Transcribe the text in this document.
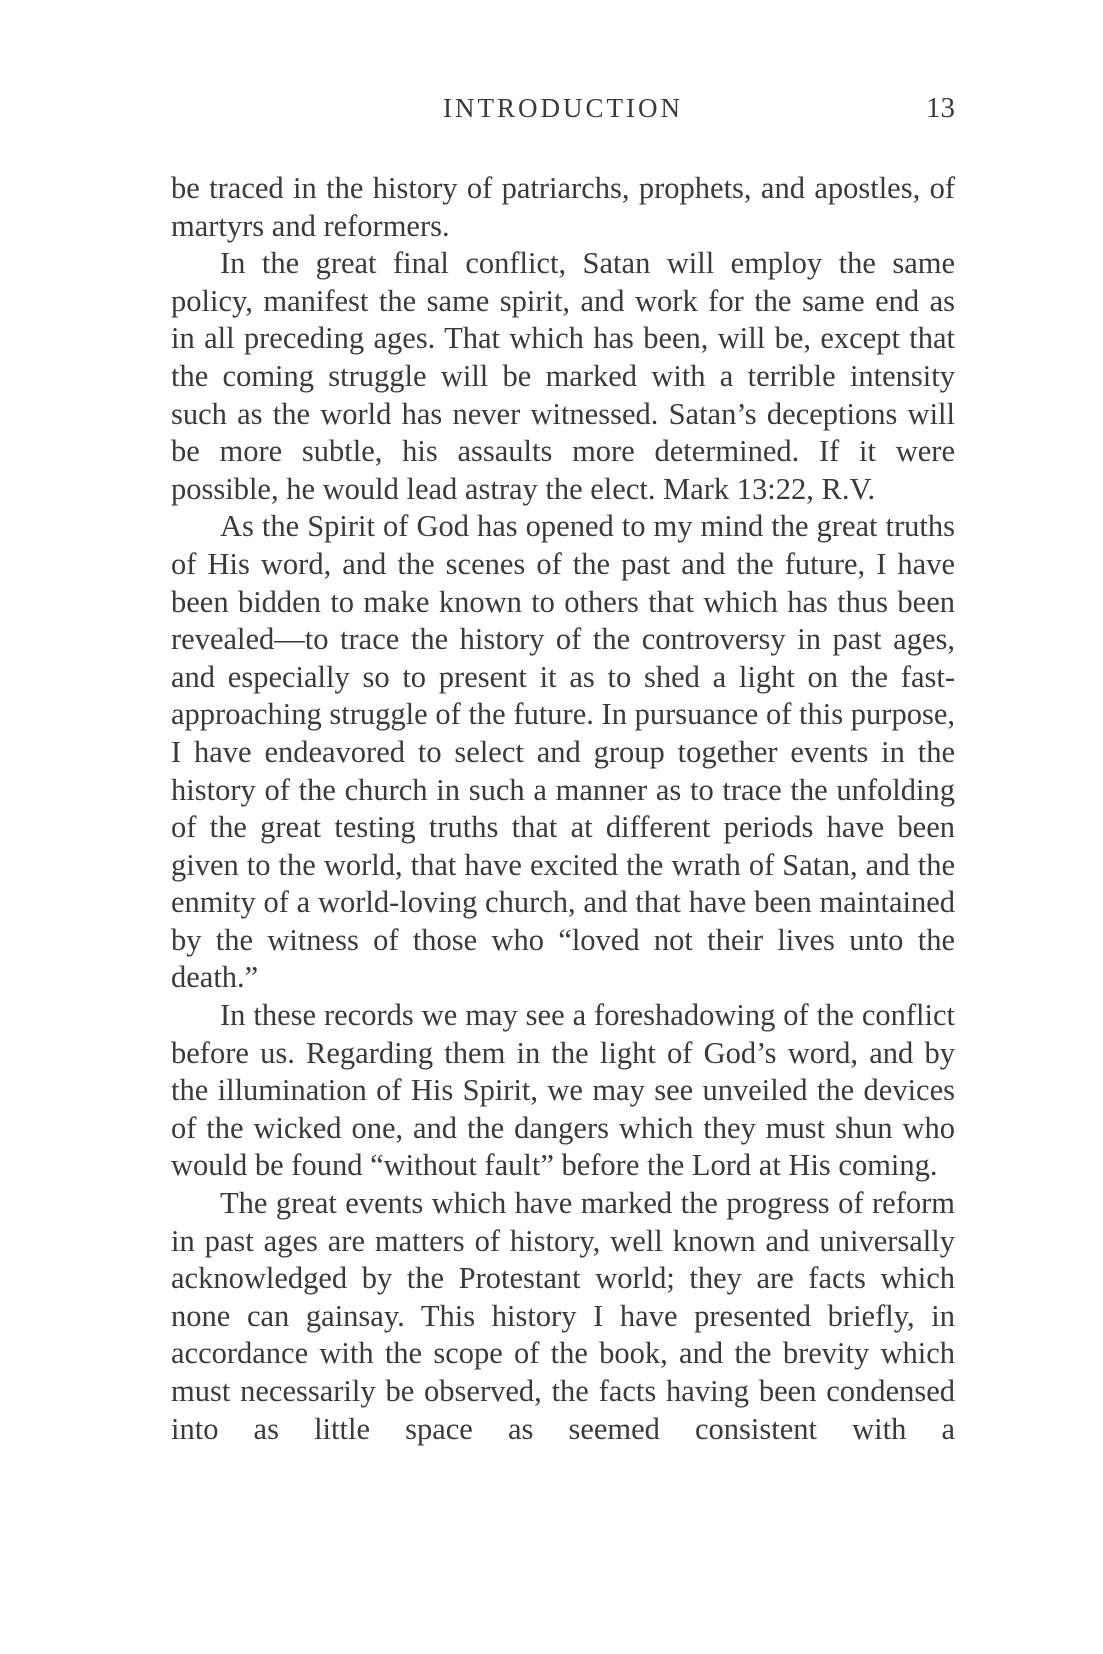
INTRODUCTION	13

be traced in the history of patriarchs, prophets, and apostles, of martyrs and reformers.

In the great final conflict, Satan will employ the same policy, manifest the same spirit, and work for the same end as in all preceding ages. That which has been, will be, except that the coming struggle will be marked with a terrible intensity such as the world has never witnessed. Satan’s deceptions will be more subtle, his assaults more determined. If it were possible, he would lead astray the elect. Mark 13:22, R.V.

As the Spirit of God has opened to my mind the great truths of His word, and the scenes of the past and the future, I have been bidden to make known to others that which has thus been revealed—to trace the history of the controversy in past ages, and especially so to present it as to shed a light on the fast-approaching struggle of the future. In pursuance of this purpose, I have endeavored to select and group together events in the history of the church in such a manner as to trace the unfolding of the great testing truths that at different periods have been given to the world, that have excited the wrath of Satan, and the enmity of a world-loving church, and that have been maintained by the witness of those who “loved not their lives unto the death.”

In these records we may see a foreshadowing of the conflict before us. Regarding them in the light of God’s word, and by the illumination of His Spirit, we may see unveiled the devices of the wicked one, and the dangers which they must shun who would be found “without fault” before the Lord at His coming.

The great events which have marked the progress of reform in past ages are matters of history, well known and universally acknowledged by the Protestant world; they are facts which none can gainsay. This history I have presented briefly, in accordance with the scope of the book, and the brevity which must necessarily be observed, the facts having been condensed into as little space as seemed consistent with a
